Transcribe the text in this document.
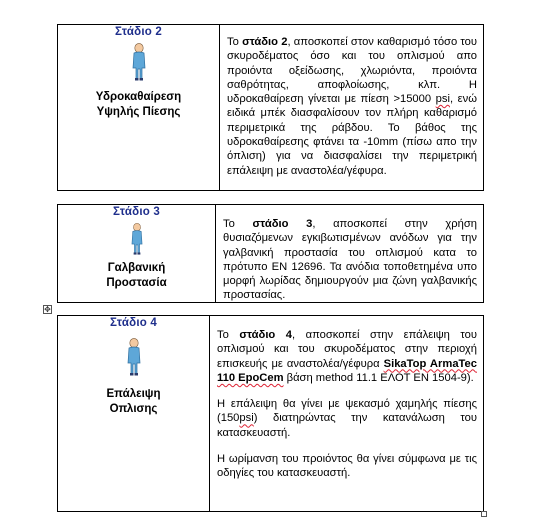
Στάδιο 2
Υδροκαθαίρεση
Υψηλής Πίεσης

Το στάδιο 2, αποσκοπεί στον καθαρισμό τόσο του σκυροδέματος όσο και του οπλισμού απο προιόντα οξείδωσης, χλωριόντα, προιόντα σαθρότητας, αποφλοίωσης, κλπ. Η υδροκαθαίρεση γίνεται με πίεση >15000 psi, ενώ ειδικά μπέκ διασφαλίσουν τον πλήρη καθαρισμό περιμετρικά της ράβδου. Το βάθος της υδροκαθαίρεσης φτάνει τα -10mm (πίσω απο την όπλιση) για να διασφαλίσει την περιμετρική επάλειψη με αναστολέα/γέφυρα.

Στάδιο 3
Γαλβανική
Προστασία

Το στάδιο 3, αποσκοπεί στην χρήση θυσιαζόμενων εγκιβωτισμένων ανόδων για την γαλβανική προστασία του οπλισμού κατα το πρότυπο ΕΝ 12696. Τα ανόδια τοποθετημένα υπο μορφή λωρίδας δημιουργούν μια ζώνη γαλβανικής προστασίας.

✥
Στάδιο 4
Επάλειψη
Οπλισης

Το στάδιο 4, αποσκοπεί στην επάλειψη του οπλισμού και του σκυροδέματος στην περιοχή επισκευής με αναστολέα/γέφυρα SikaTop ArmaTec 110 EpoCem βάση method 11.1 ΕΛΟΤ ΕΝ 1504-9).

Η επάλειψη θα γίνει με ψεκασμό χαμηλής πίεσης (150psi) διατηρώντας την κατανάλωση του κατασκευαστή.

Η ωρίμανση του προιόντος θα γίνει σύμφωνα με τις οδηγίες του κατασκευαστή.
